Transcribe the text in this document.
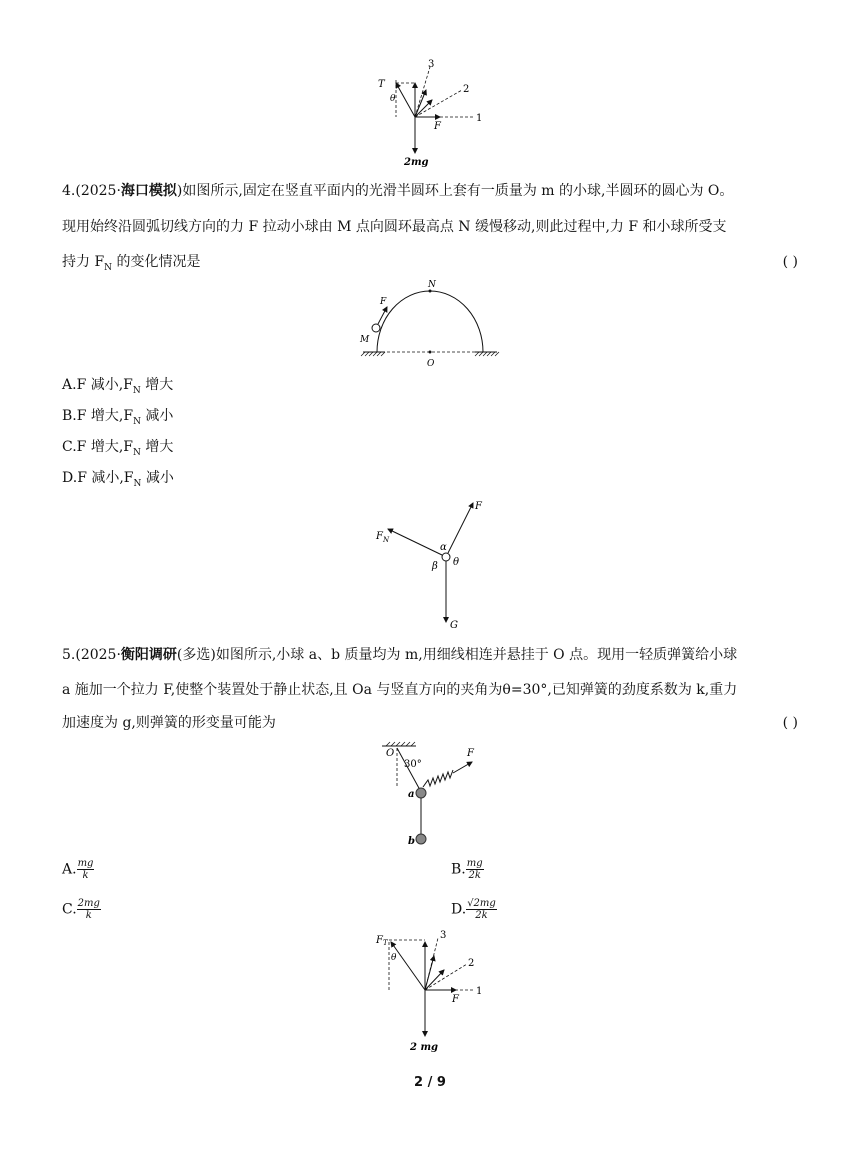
T
θ
3
2
1
F
2mg
4.(2025·海口模拟)如图所示,固定在竖直平面内的光滑半圆环上套有一质量为 m 的小球,半圆环的圆心为 O。
现用始终沿圆弧切线方向的力 F 拉动小球由 M 点向圆环最高点 N 缓慢移动,则此过程中,力 F 和小球所受支
持力 $F_N$ 的变化情况是	( )
F
N
M
O
A.F 减小$,F_N$ 增大
B.F 增大$,F_N$ 减小
C.F 增大$,F_N$ 增大
D.F 减小$,F_N$ 减小
F
$F_N$
α
β θ
G
5.(2025·衡阳调研(多选)如图所示,小球 a、b 质量均为 m,用细线相连并悬挂于 O 点。现用一轻质弹簧给小球
a 施加一个拉力 F,使整个装置处于静止状态,且 Oa 与竖直方向的夹角为θ=30°,已知弹簧的劲度系数为 k,重力
加速度为 g,则弹簧的形变量可能为	( )
O
30°
F
a
b
A. $\frac{mg}{k}$	B. $\frac{mg}{2k}$
C. $\frac{2mg}{k}$	D. $\frac{√2mg}{2k}$
$F_T$
θ
3
2
1
F
2 mg
2 / 9
